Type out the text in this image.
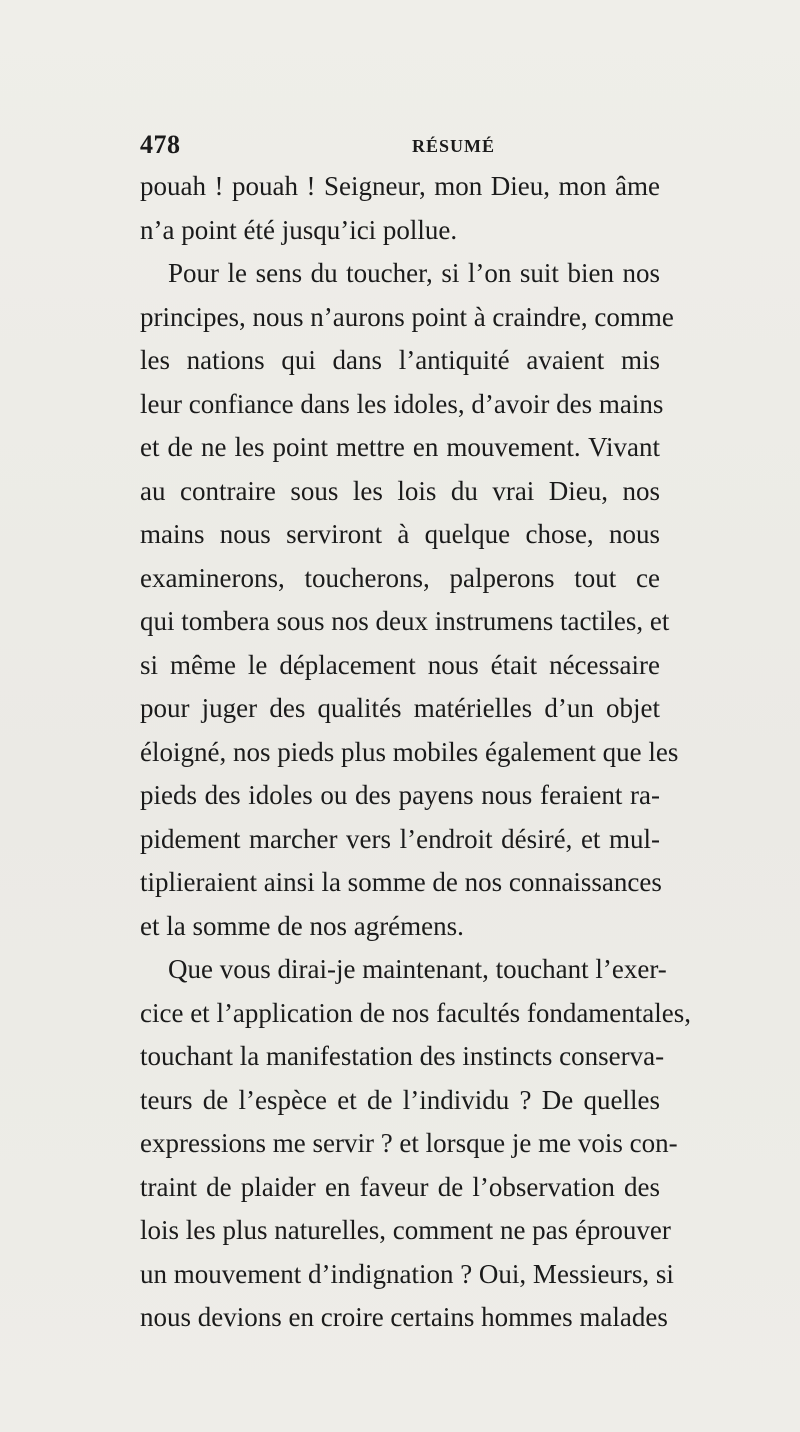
478	RÉSUMÉ
pouah ! pouah ! Seigneur, mon Dieu, mon âme
n’a point été jusqu’ici pollue.
Pour le sens du toucher, si l’on suit bien nos
principes, nous n’aurons point à craindre, comme
les nations qui dans l’antiquité avaient mis
leur confiance dans les idoles, d’avoir des mains
et de ne les point mettre en mouvement. Vivant
au contraire sous les lois du vrai Dieu, nos
mains nous serviront à quelque chose, nous
examinerons, toucherons, palperons tout ce
qui tombera sous nos deux instrumens tactiles, et
si même le déplacement nous était nécessaire
pour juger des qualités matérielles d’un objet
éloigné, nos pieds plus mobiles également que les
pieds des idoles ou des payens nous feraient ra-
pidement marcher vers l’endroit désiré, et mul-
tiplieraient ainsi la somme de nos connaissances
et la somme de nos agrémens.
Que vous dirai-je maintenant, touchant l’exer-
cice et l’application de nos facultés fondamentales,
touchant la manifestation des instincts conserva-
teurs de l’espèce et de l’individu ? De quelles
expressions me servir ? et lorsque je me vois con-
traint de plaider en faveur de l’observation des
lois les plus naturelles, comment ne pas éprouver
un mouvement d’indignation ? Oui, Messieurs, si
nous devions en croire certains hommes malades
